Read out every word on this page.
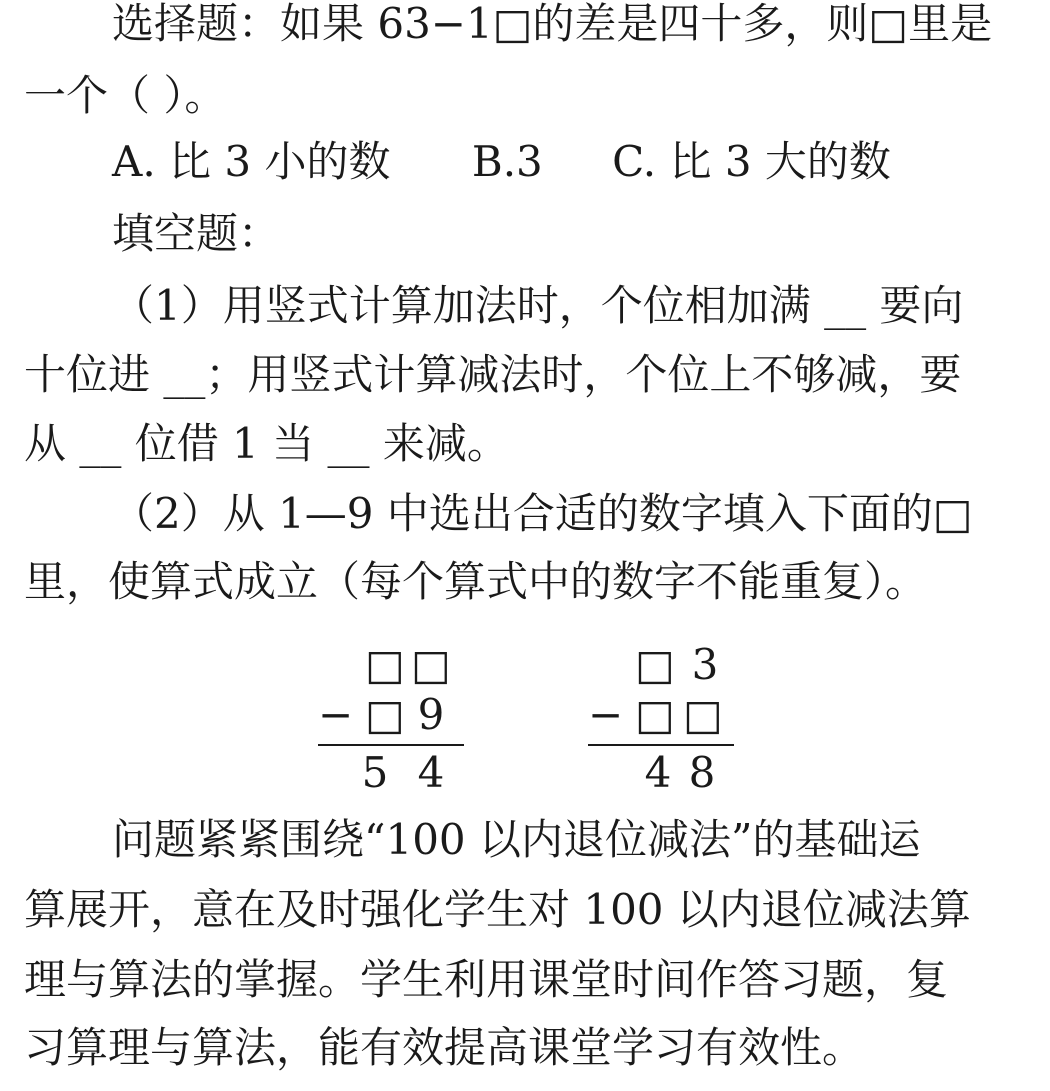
选择题：如果 63−1□的差是四十多，则□里是
一个（ ）。
A. 比 3 小的数 B.3 C. 比 3 大的数
填空题：
（1）用竖式计算加法时，个位相加满 __ 要向
十位进 __；用竖式计算减法时，个位上不够减，要
从 __ 位借 1 当 __ 来减。
（2）从 1—9 中选出合适的数字填入下面的□
里，使算式成立（每个算式中的数字不能重复）。
□ □
− □ 9
5 4
□ 3
− □ □
4 8
问题紧紧围绕“100 以内退位减法”的基础运
算展开，意在及时强化学生对 100 以内退位减法算
理与算法的掌握。学生利用课堂时间作答习题，复
习算理与算法，能有效提高课堂学习有效性。
